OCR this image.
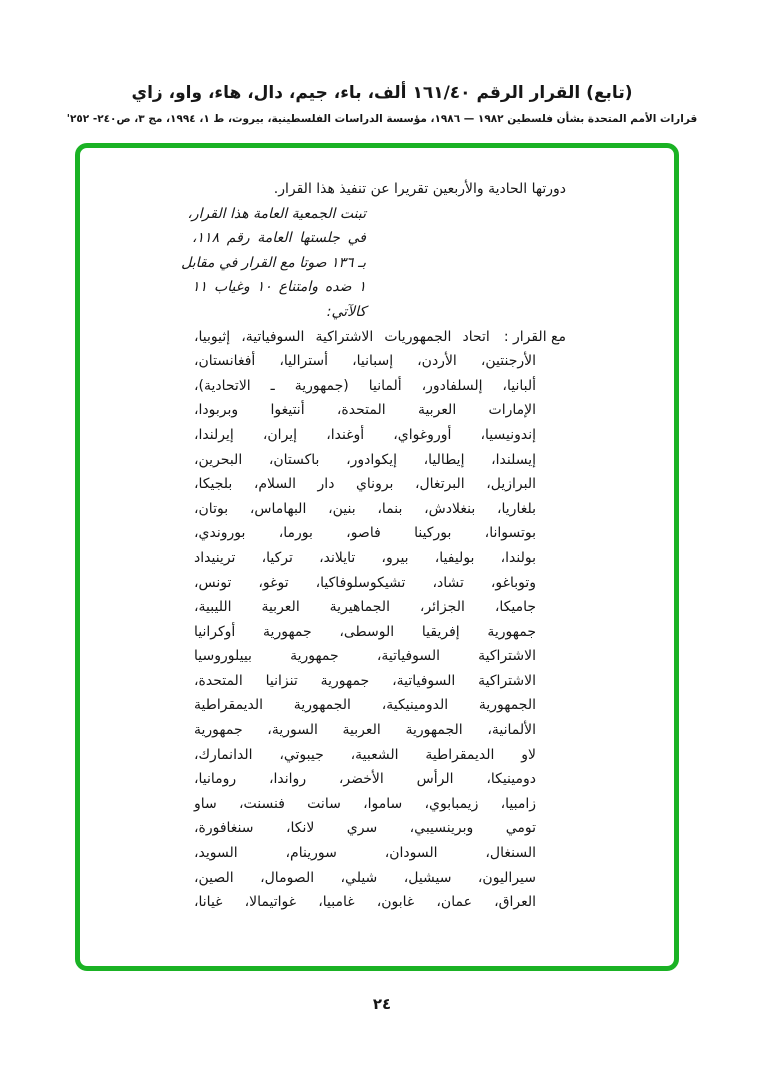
(تابع) القرار الرقم ١٦١/٤٠ ألف، باء، جيم، دال، هاء، واو، زاي
قرارات الأمم المتحدة بشأن فلسطين ١٩٨٢ — ١٩٨٦، مؤسسة الدراسات الفلسطينية، بيروت، ط ١، ١٩٩٤، مج ٣، ص٢٤٠- ٢٥٢'
دورتها الحادية والأربعين تقريرا عن تنفيذ هذا القرار.
تبنت الجمعية العامة هذا القرار،
في جلستها العامة رقم ١١٨،
بـ ١٣٦ صوتا مع القرار في مقابل
١ ضده وامتناع ١٠ وغياب ١١
كالآتي:
مع القرار :
اتحاد الجمهوريات الاشتراكية السوفياتية، إثيوبيا،
الأرجنتين، الأردن، إسبانيا، أستراليا، أفغانستان،
ألبانيا، إلسلفادور، ألمانيا (جمهورية ـ الاتحادية)،
الإمارات العربية المتحدة، أنتيغوا وبربودا،
إندونيسيا، أوروغواي، أوغندا، إيران، إيرلندا،
إيسلندا، إيطاليا، إيكوادور، باكستان، البحرين،
البرازيل، البرتغال، بروناي دار السلام، بلجيكا،
بلغاريا، بنغلادش، بنما، بنين، البهاماس، بوتان،
بوتسوانا، بوركينا فاصو، بورما، بوروندي،
بولندا، بوليفيا، بيرو، تايلاند، تركيا، ترينيداد
وتوباغو، تشاد، تشيكوسلوفاكيا، توغو، تونس،
جاميكا، الجزائر، الجماهيرية العربية الليبية،
جمهورية إفريقيا الوسطى، جمهورية أوكرانيا
الاشتراكية السوفياتية، جمهورية بييلوروسيا
الاشتراكية السوفياتية، جمهورية تنزانيا المتحدة،
الجمهورية الدومينيكية، الجمهورية الديمقراطية
الألمانية، الجمهورية العربية السورية، جمهورية
لاو الديمقراطية الشعبية، جيبوتي، الدانمارك،
دومينيكا، الرأس الأخضر، رواندا، رومانيا،
زامبيا، زيمبابوي، ساموا، سانت فنسنت، ساو
تومي وبرينسيبي، سري لانكا، سنغافورة،
السنغال، السودان، سورينام، السويد،
سيراليون، سيشيل، شيلي، الصومال، الصين،
العراق، عمان، غابون، غامبيا، غواتيمالا، غيانا،
٢٤
